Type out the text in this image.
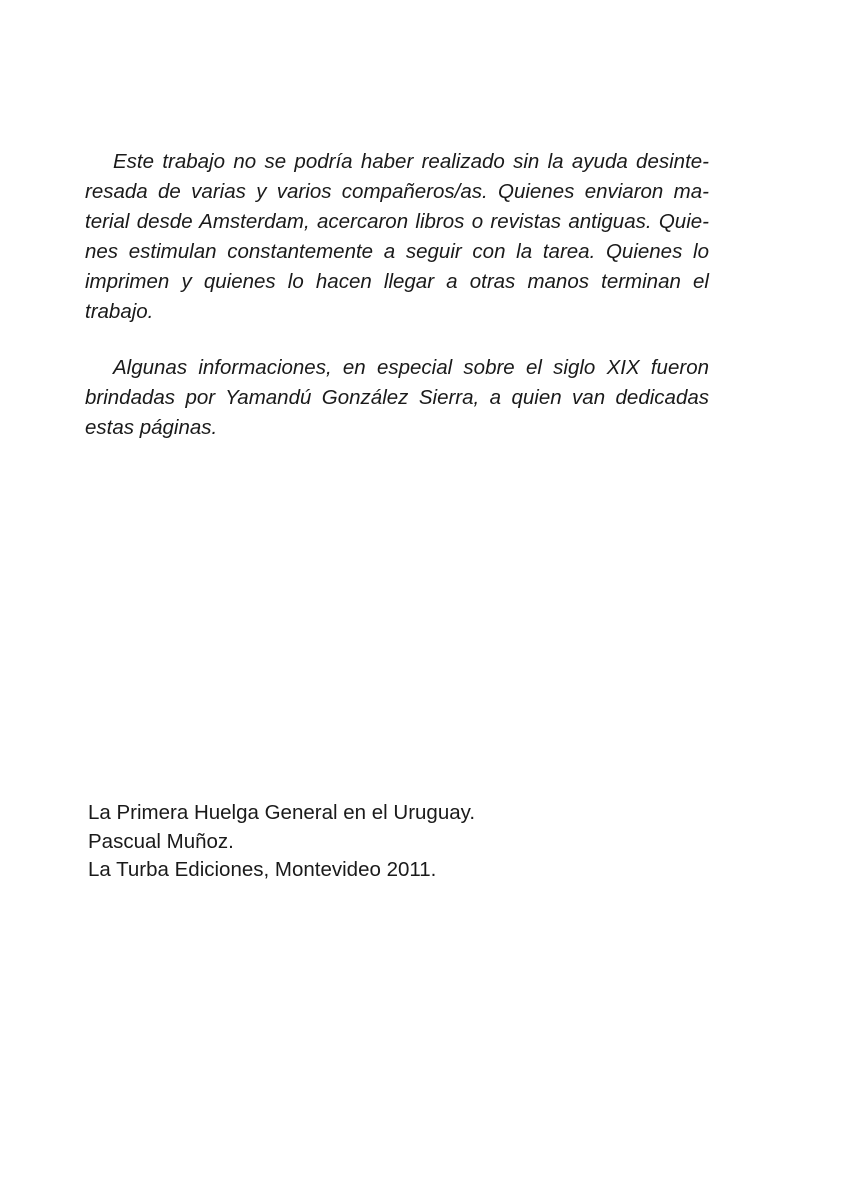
Este trabajo no se podría haber realizado sin la ayuda desinteresada de varias y varios compañeros/as. Quienes enviaron material desde Amsterdam, acercaron libros o revistas antiguas. Quienes estimulan constantemente a seguir con la tarea. Quienes lo imprimen y quienes lo hacen llegar a otras manos terminan el trabajo.

Algunas informaciones, en especial sobre el siglo XIX fueron brindadas por Yamandú González Sierra, a quien van dedicadas estas páginas.

La Primera Huelga General en el Uruguay.
Pascual Muñoz.
La Turba Ediciones, Montevideo 2011.
